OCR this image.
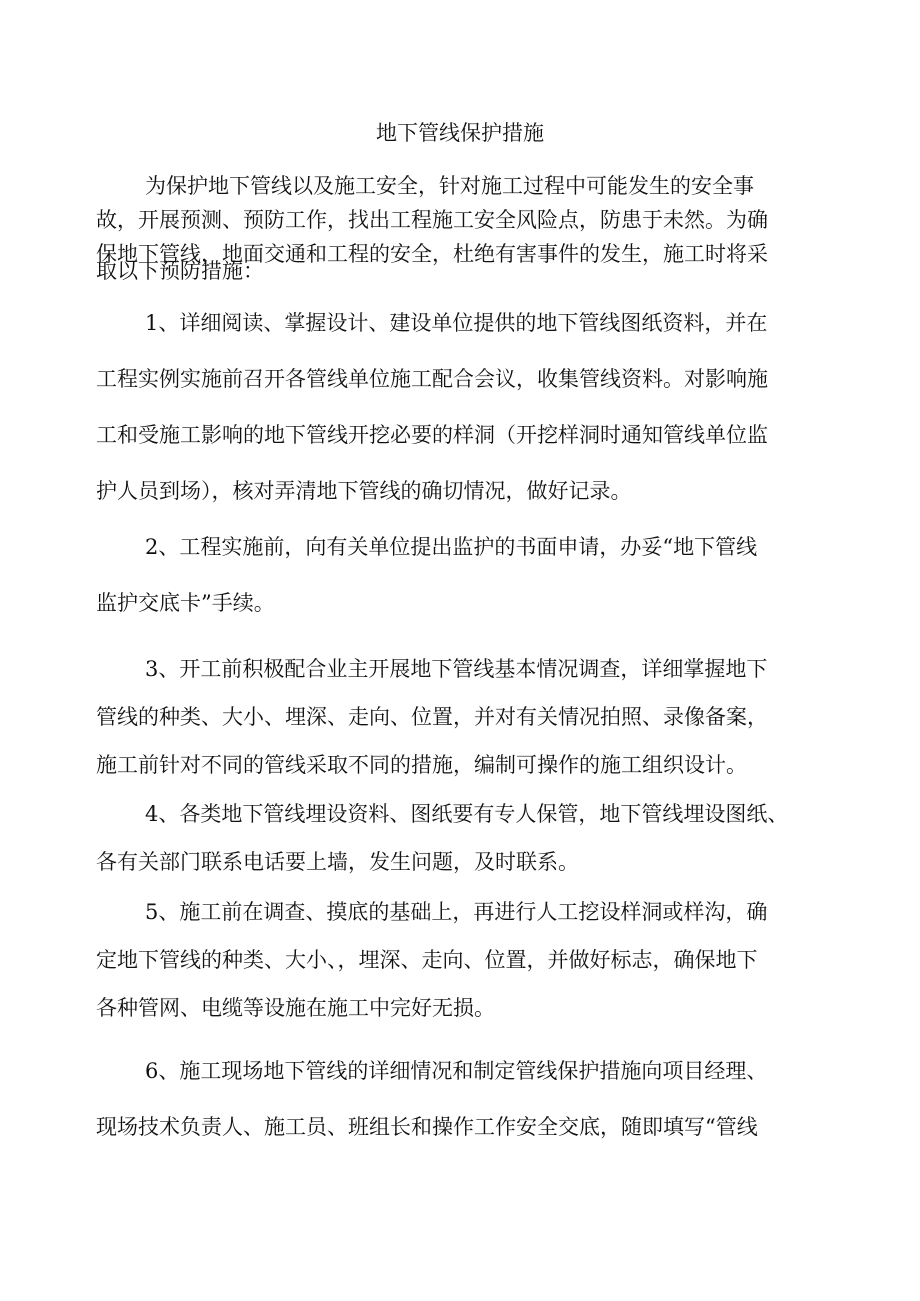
地下管线保护措施
为保护地下管线以及施工安全，针对施工过程中可能发生的安全事
故，开展预测、预防工作，找出工程施工安全风险点，防患于未然。为确
保地下管线，地面交通和工程的安全，杜绝有害事件的发生，施工时将采
取以下预防措施：
1、详细阅读、掌握设计、建设单位提供的地下管线图纸资料，并在
工程实例实施前召开各管线单位施工配合会议，收集管线资料。对影响施
工和受施工影响的地下管线开挖必要的样洞（开挖样洞时通知管线单位监
护人员到场），核对弄清地下管线的确切情况，做好记录。
2、工程实施前，向有关单位提出监护的书面申请，办妥“地下管线
监护交底卡”手续。
3、开工前积极配合业主开展地下管线基本情况调查，详细掌握地下
管线的种类、大小、埋深、走向、位置，并对有关情况拍照、录像备案，
施工前针对不同的管线采取不同的措施，编制可操作的施工组织设计。
4、各类地下管线埋设资料、图纸要有专人保管，地下管线埋设图纸、
各有关部门联系电话要上墙，发生问题，及时联系。
5、施工前在调查、摸底的基础上，再进行人工挖设样洞或样沟，确
定地下管线的种类、大小、，埋深、走向、位置，并做好标志，确保地下
各种管网、电缆等设施在施工中完好无损。
6、施工现场地下管线的详细情况和制定管线保护措施向项目经理、
现场技术负责人、施工员、班组长和操作工作安全交底，随即填写“管线
